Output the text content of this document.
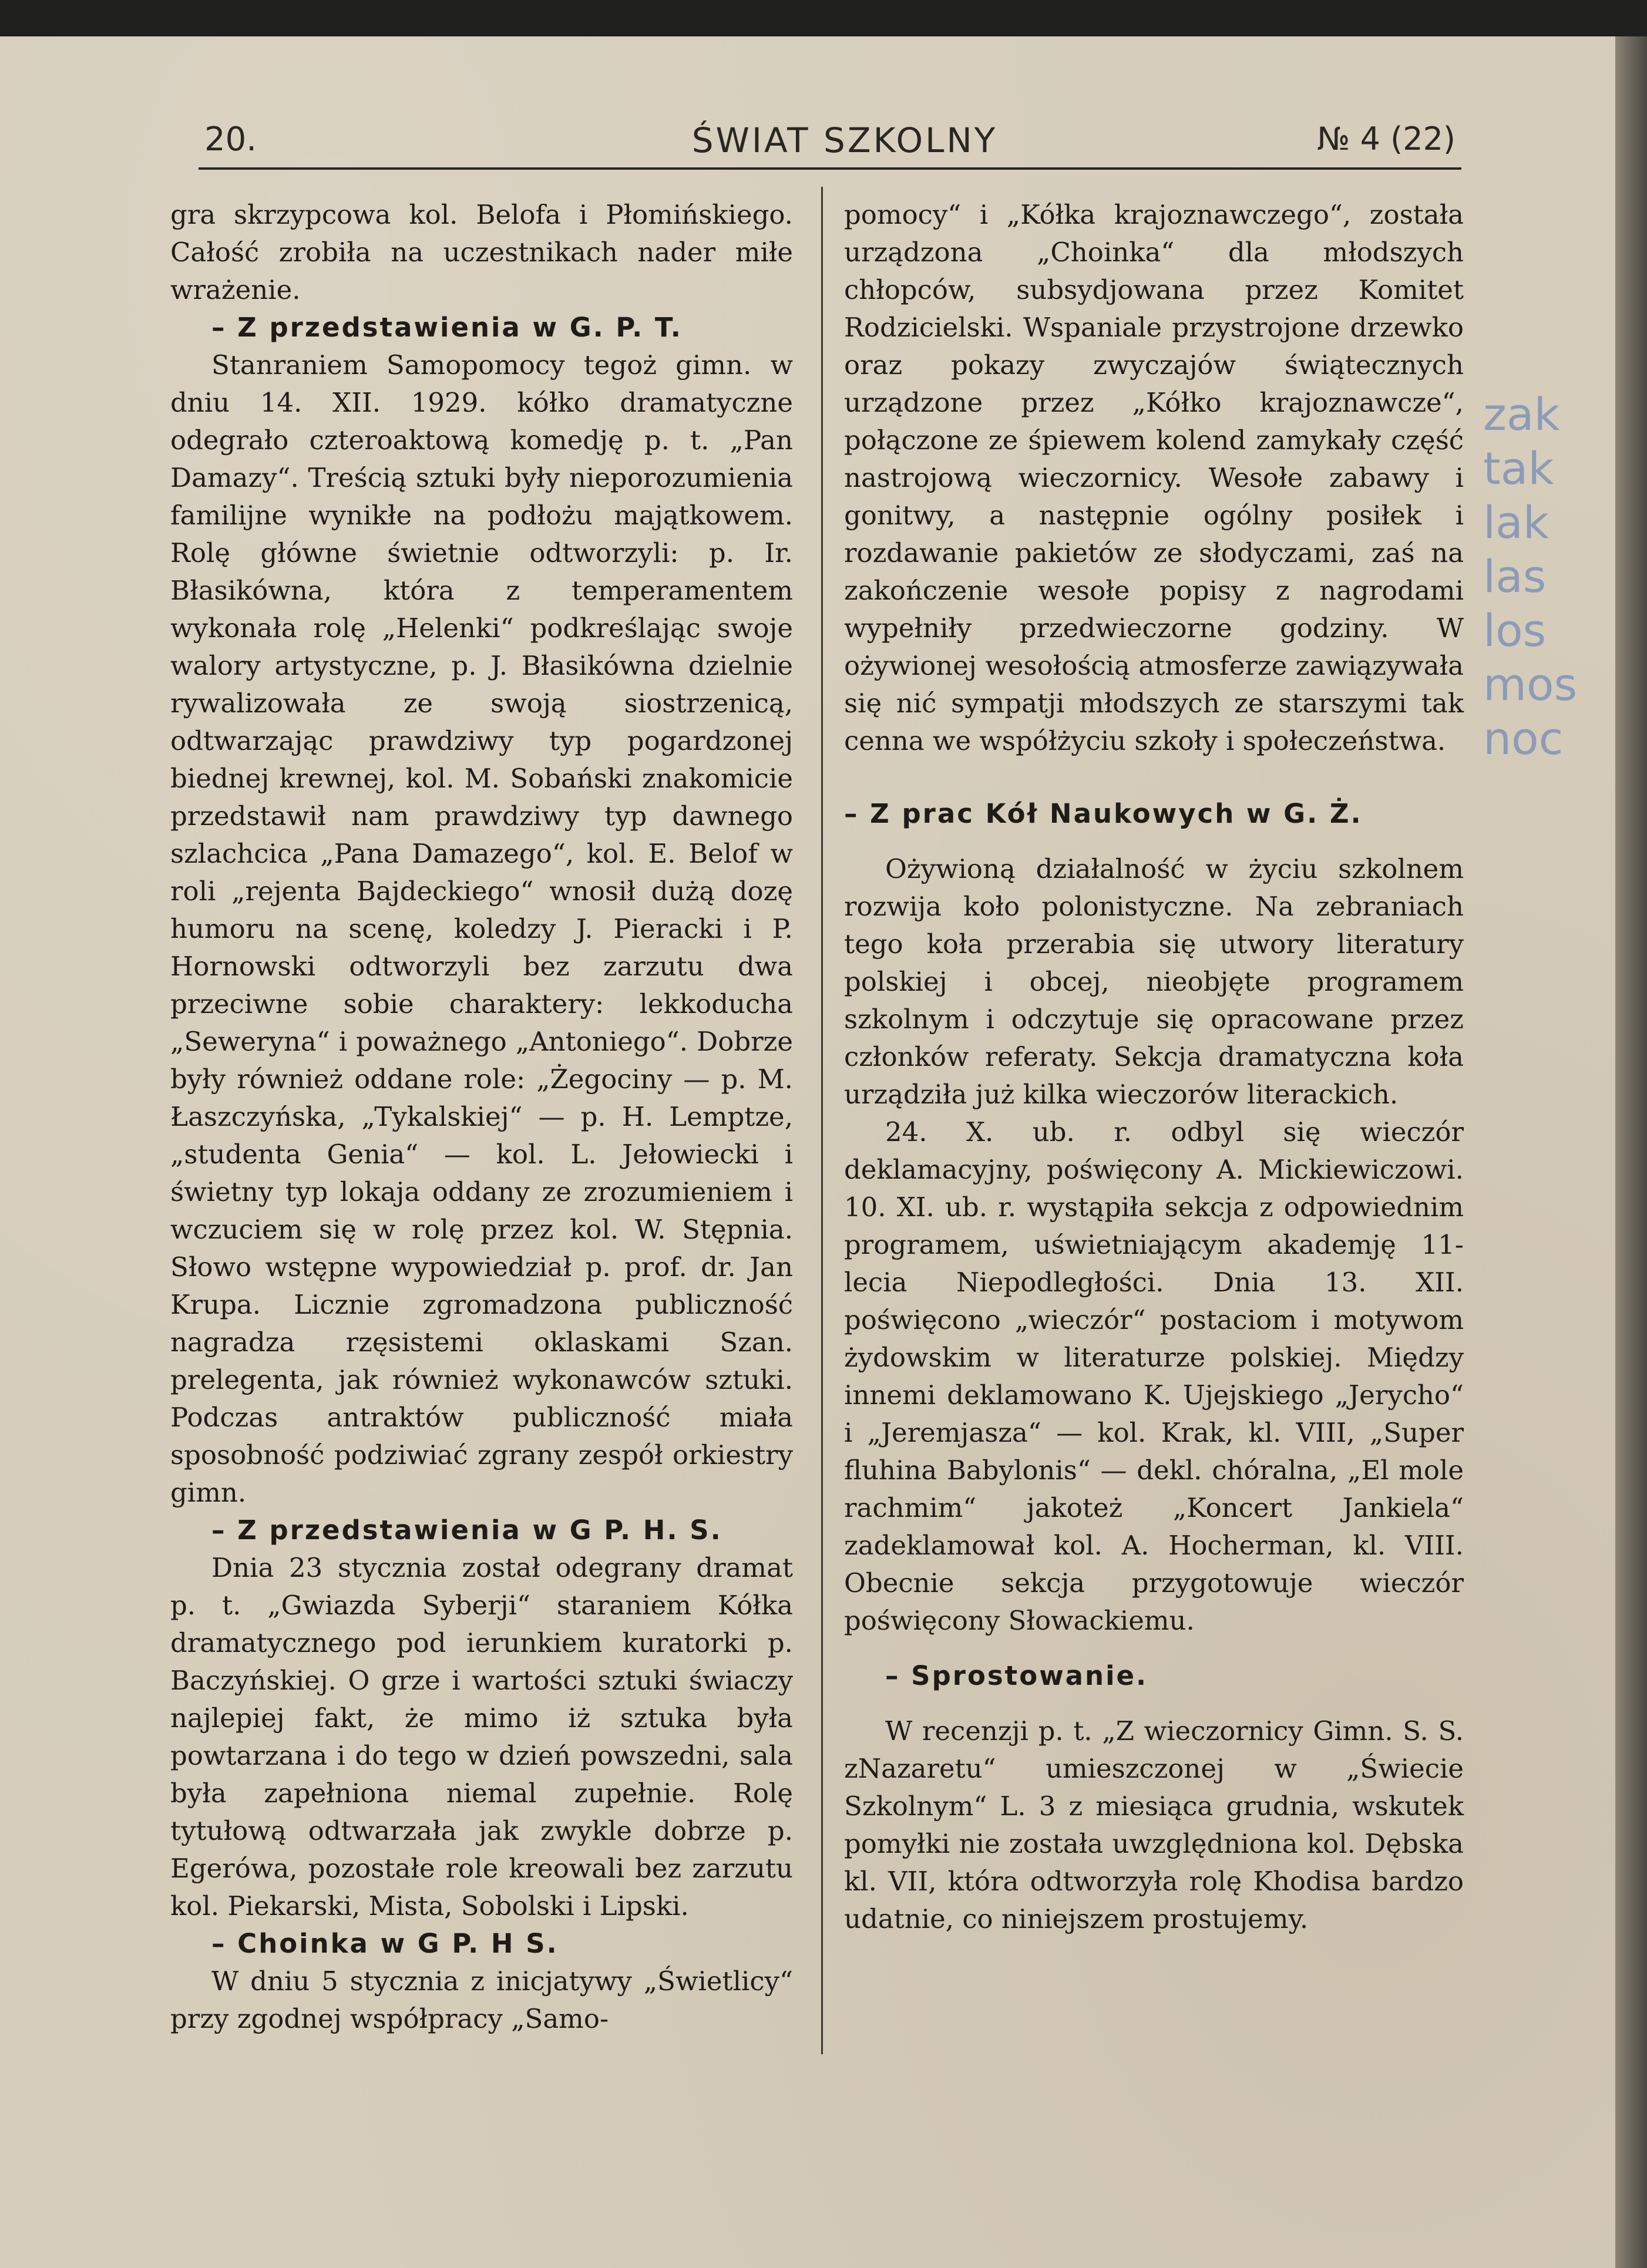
20.	ŚWIAT SZKOLNY	№ 4 (22)

gra skrzypcowa kol. Belofa i Płomińskiego. Całość zrobiła na uczestnikach nader miłe wrażenie.

– Z przedstawienia w G. P. T.

Stanraniem Samopomocy tegoż gimn. w dniu 14. XII. 1929. kółko dramatyczne odegrało czteroaktową komedję p. t. „Pan Damazy“. Treścią sztuki były nieporozumienia familijne wynikłe na podłożu majątkowem. Rolę główne świetnie odtworzyli: p. Ir. Błasikówna, która z temperamentem wykonała rolę „Helenki“ podkreślając swoje walory artystyczne, p. J. Błasikówna dzielnie rywalizowała ze swoją siostrzenicą, odtwarzając prawdziwy typ pogardzonej biednej krewnej, kol. M. Sobański znakomicie przedstawił nam prawdziwy typ dawnego szlachcica „Pana Damazego“, kol. E. Belof w roli „rejenta Bajdeckiego“ wnosił dużą dozę humoru na scenę, koledzy J. Pieracki i P. Hornowski odtworzyli bez zarzutu dwa przeciwne sobie charaktery: lekkoducha „Seweryna“ i poważnego „Antoniego“. Dobrze były również oddane role: „Żegociny — p. M. Łaszczyńska, „Tykalskiej“ — p. H. Lemptze, „studenta Genia“ — kol. L. Jełowiecki i świetny typ lokaja oddany ze zrozumieniem i wczuciem się w rolę przez kol. W. Stępnia. Słowo wstępne wypowiedział p. prof. dr. Jan Krupa. Licznie zgromadzona publiczność nagradza rzęsistemi oklaskami Szan. prelegenta, jak również wykonawców sztuki. Podczas antraktów publiczność miała sposobność podziwiać zgrany zespół orkiestry gimn.

– Z przedstawienia w G P. H. S.

Dnia 23 stycznia został odegrany dramat p. t. „Gwiazda Syberji“ staraniem Kółka dramatycznego pod ierunkiem kuratorki p. Baczyńskiej. O grze i wartości sztuki świaczy najlepiej fakt, że mimo iż sztuka była powtarzana i do tego w dzień powszedni, sala była zapełniona niemal zupełnie. Rolę tytułową odtwarzała jak zwykle dobrze p. Egerówa, pozostałe role kreowali bez zarzutu kol. Piekarski, Mista, Sobolski i Lipski.

– Choinka w G P. H S.

W dniu 5 stycznia z inicjatywy „Świetlicy“ przy zgodnej współpracy „Samo-

pomocy“ i „Kółka krajoznawczego“, została urządzona „Choinka“ dla młodszych chłopców, subsydjowana przez Komitet Rodzicielski. Wspaniale przystrojone drzewko oraz pokazy zwyczajów świątecznych urządzone przez „Kółko krajoznawcze“, połączone ze śpiewem kolend zamykały część nastrojową wieczornicy. Wesołe zabawy i gonitwy, a następnie ogólny posiłek i rozdawanie pakietów ze słodyczami, zaś na zakończenie wesołe popisy z nagrodami wypełniły przedwieczorne godziny. W ożywionej wesołością atmosferze zawiązywała się nić sympatji młodszych ze starszymi tak cenna we współżyciu szkoły i społeczeństwa.

– Z prac Kół Naukowych w G. Ż.

Ożywioną działalność w życiu szkolnem rozwija koło polonistyczne. Na zebraniach tego koła przerabia się utwory literatury polskiej i obcej, nieobjęte programem szkolnym i odczytuje się opracowane przez członków referaty. Sekcja dramatyczna koła urządziła już kilka wieczorów literackich.

24. X. ub. r. odbyl się wieczór deklamacyjny, poświęcony A. Mickiewiczowi. 10. XI. ub. r. wystąpiła sekcja z odpowiednim programem, uświetniającym akademję 11-lecia Niepodległości. Dnia 13. XII. poświęcono „wieczór“ postaciom i motywom żydowskim w literaturze polskiej. Między innemi deklamowano K. Ujejskiego „Jerycho“ i „Jeremjasza“ — kol. Krak, kl. VIII, „Super fluhina Babylonis“ — dekl. chóralna, „El mole rachmim“ jakoteż „Koncert Jankiela“ zadeklamował kol. A. Hocherman, kl. VIII. Obecnie sekcja przygotowuje wieczór poświęcony Słowackiemu.

– Sprostowanie.

W recenzji p. t. „Z wieczornicy Gimn. S. S. zNazaretu“ umieszczonej w „Świecie Szkolnym“ L. 3 z miesiąca grudnia, wskutek pomyłki nie została uwzględniona kol. Dębska kl. VII, która odtworzyła rolę Khodisa bardzo udatnie, co niniejszem prostujemy.

zak
tak
lak
las
los
mos
noc
